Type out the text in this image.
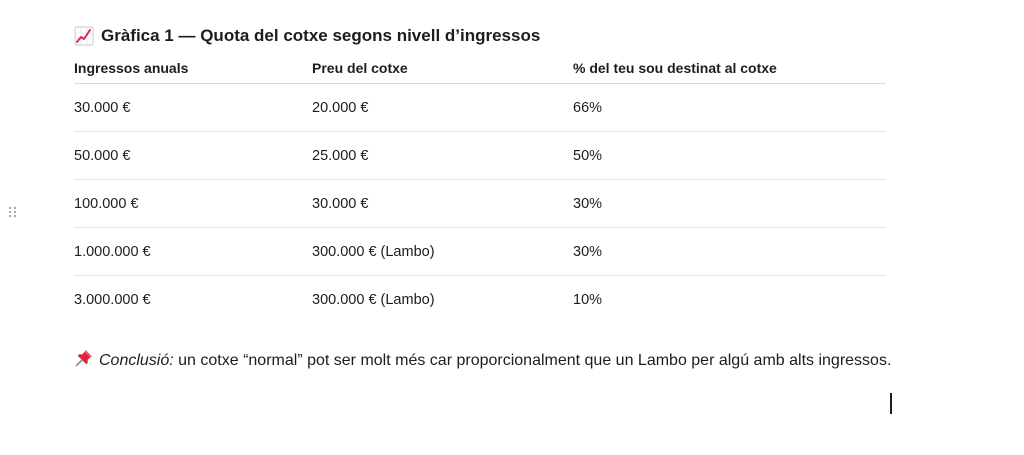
Gràfica 1 — Quota del cotxe segons nivell d’ingressos
Ingressos anuals	Preu del cotxe	% del teu sou destinat al cotxe
30.000 €	20.000 €	66%
50.000 €	25.000 €	50%
100.000 €	30.000 €	30%
1.000.000 €	300.000 € (Lambo)	30%
3.000.000 €	300.000 € (Lambo)	10%
Conclusió: un cotxe “normal” pot ser molt més car proporcionalment que un Lambo per algú amb alts ingressos.
